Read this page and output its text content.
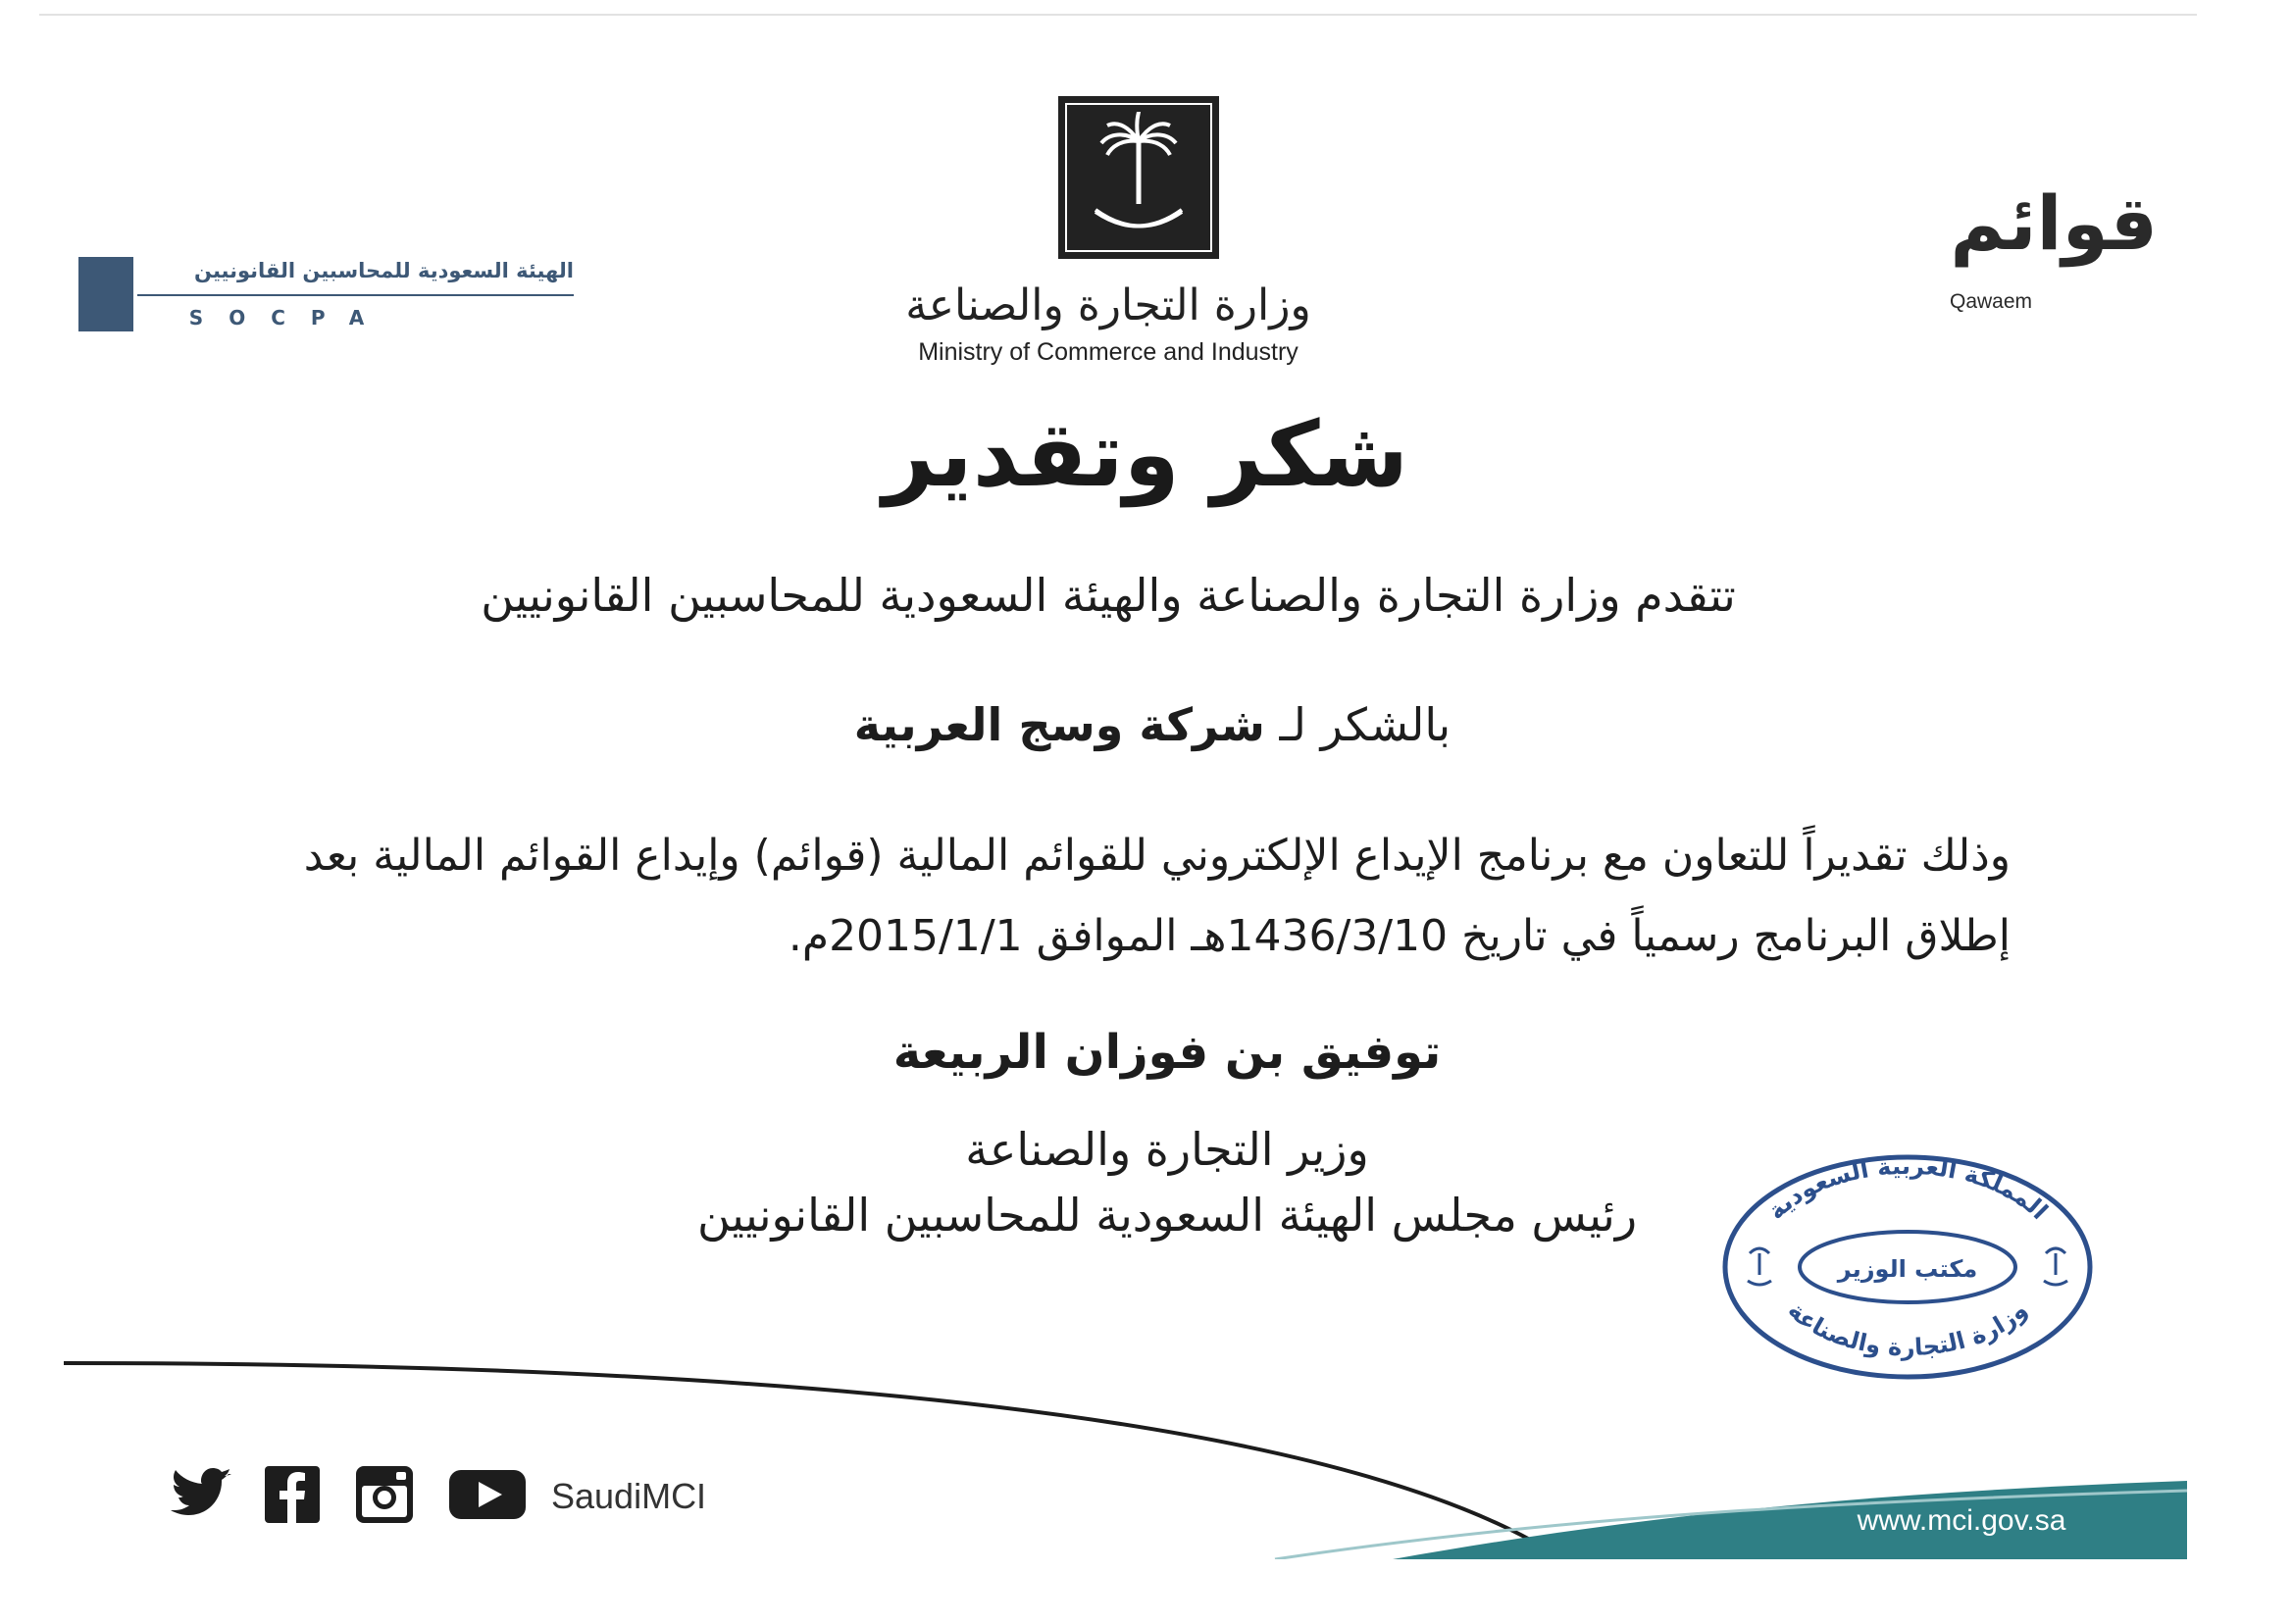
الهيئة السعودية للمحاسبين القانونيين
SOCPA	وزارة التجارة والصناعة
Ministry of Commerce and Industry
قوائم
Qawaem
شكر وتقدير
تتقدم وزارة التجارة والصناعة والهيئة السعودية للمحاسبين القانونيين
بالشكر لـ شركة وسج العربية
وذلك تقديراً للتعاون مع برنامج الإيداع الإلكتروني للقوائم المالية (قوائم) وإيداع القوائم المالية بعد إطلاق البرنامج رسمياً في تاريخ 1436/3/10هـ الموافق 2015/1/1م.
توفيق بن فوزان الربيعة
وزير التجارة والصناعة
رئيس مجلس الهيئة السعودية للمحاسبين القانونيين	المملكة العربية السعودية
مكتب الوزير
وزارة التجارة والصناعة
SaudiMCI
www.mci.gov.sa
